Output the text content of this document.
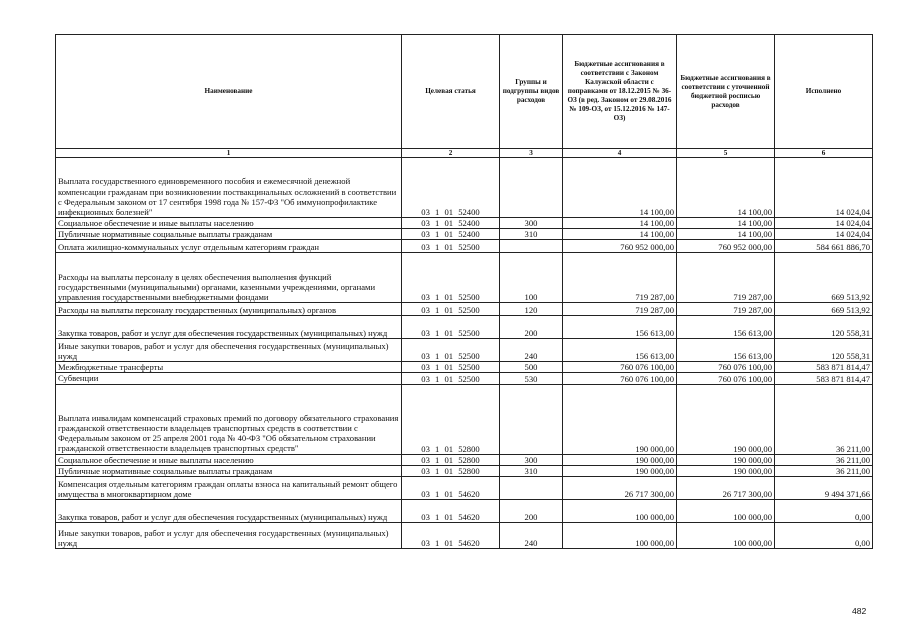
Наименование	Целевая статья	Группы и подгруппы видов расходов	Бюджетные ассигнования в соответствии с Законом Калужской области с поправками от 18.12.2015 № 36-ОЗ (в ред. Законом от 29.08.2016 № 109-ОЗ, от 15.12.2016 № 147-ОЗ)	Бюджетные ассигнования в соответствии с уточненной бюджетной росписью расходов	Исполнено
1	2	3	4	5	6
Выплата государственного единовременного пособия и ежемесячной денежной компенсации гражданам при возникновении поствакцинальных осложнений в соответствии с Федеральным законом от 17 сентября 1998 года № 157-ФЗ "Об иммунопрофилактике инфекционных болезней"	03 1 01 52400		14 100,00	14 100,00	14 024,04
Социальное обеспечение и иные выплаты населению	03 1 01 52400	300	14 100,00	14 100,00	14 024,04
Публичные нормативные социальные выплаты гражданам	03 1 01 52400	310	14 100,00	14 100,00	14 024,04
Оплата жилищно-коммунальных услуг отдельным категориям граждан	03 1 01 52500		760 952 000,00	760 952 000,00	584 661 886,70
Расходы на выплаты персоналу в целях обеспечения выполнения функций государственными (муниципальными) органами, казенными учреждениями, органами управления государственными внебюджетными фондами	03 1 01 52500	100	719 287,00	719 287,00	669 513,92
Расходы на выплаты персоналу государственных (муниципальных) органов	03 1 01 52500	120	719 287,00	719 287,00	669 513,92
Закупка товаров, работ и услуг для обеспечения государственных (муниципальных) нужд	03 1 01 52500	200	156 613,00	156 613,00	120 558,31
Иные закупки товаров, работ и услуг для обеспечения государственных (муниципальных) нужд	03 1 01 52500	240	156 613,00	156 613,00	120 558,31
Межбюджетные трансферты	03 1 01 52500	500	760 076 100,00	760 076 100,00	583 871 814,47
Субвенции	03 1 01 52500	530	760 076 100,00	760 076 100,00	583 871 814,47
Выплата инвалидам компенсаций страховых премий по договору обязательного страхования гражданской ответственности владельцев транспортных средств в соответствии с Федеральным законом от 25 апреля 2001 года № 40-ФЗ "Об обязательном страховании гражданской ответственности владельцев транспортных средств"	03 1 01 52800		190 000,00	190 000,00	36 211,00
Социальное обеспечение и иные выплаты населению	03 1 01 52800	300	190 000,00	190 000,00	36 211,00
Публичные нормативные социальные выплаты гражданам	03 1 01 52800	310	190 000,00	190 000,00	36 211,00
Компенсация отдельным категориям граждан оплаты взноса на капитальный ремонт общего имущества в многоквартирном доме	03 1 01 54620		26 717 300,00	26 717 300,00	9 494 371,66
Закупка товаров, работ и услуг для обеспечения государственных (муниципальных) нужд	03 1 01 54620	200	100 000,00	100 000,00	0,00
Иные закупки товаров, работ и услуг для обеспечения государственных (муниципальных) нужд	03 1 01 54620	240	100 000,00	100 000,00	0,00
482
